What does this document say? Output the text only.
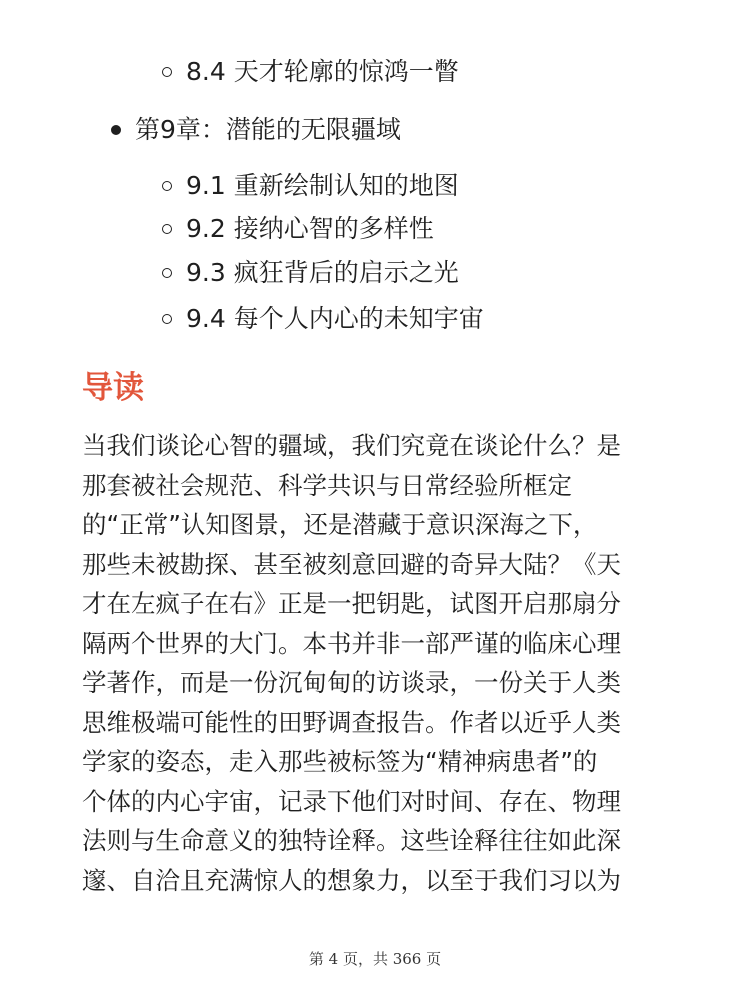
8.4 天才轮廓的惊鸿一瞥
第9章：潜能的无限疆域
9.1 重新绘制认知的地图
9.2 接纳心智的多样性
9.3 疯狂背后的启示之光
9.4 每个人内心的未知宇宙
导读

当我们谈论心智的疆域，我们究竟在谈论什么？是
那套被社会规范、科学共识与日常经验所框定
的“正常”认知图景，还是潜藏于意识深海之下，
那些未被勘探、甚至被刻意回避的奇异大陆？《天
才在左疯子在右》正是一把钥匙，试图开启那扇分
隔两个世界的大门。本书并非一部严谨的临床心理
学著作，而是一份沉甸甸的访谈录，一份关于人类
思维极端可能性的田野调查报告。作者以近乎人类
学家的姿态，走入那些被标签为“精神病患者”的
个体的内心宇宙，记录下他们对时间、存在、物理
法则与生命意义的独特诠释。这些诠释往往如此深
邃、自洽且充满惊人的想象力，以至于我们习以为

第 4 页，共 366 页
